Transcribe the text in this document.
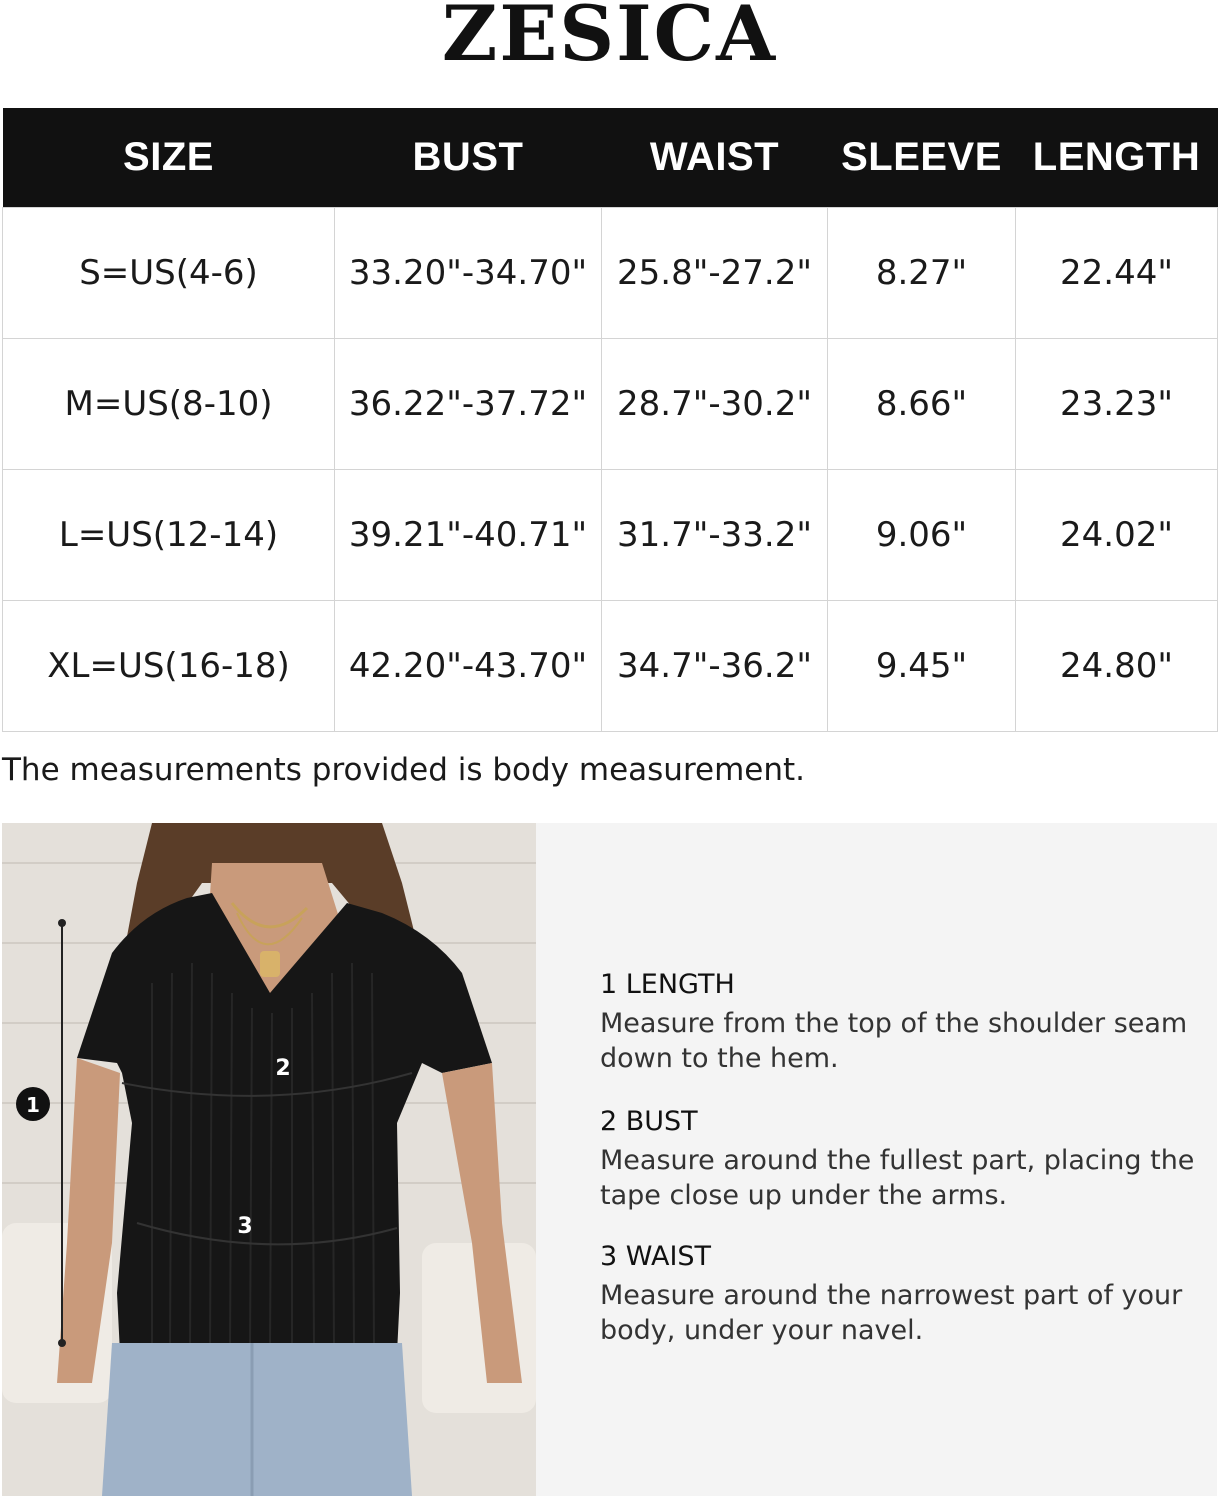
ZESICA
SIZE	BUST	WAIST	SLEEVE	LENGTH
S=US(4-6)	33.20"-34.70"	25.8"-27.2"	8.27"	22.44"
M=US(8-10)	36.22"-37.72"	28.7"-30.2"	8.66"	23.23"
L=US(12-14)	39.21"-40.71"	31.7"-33.2"	9.06"	24.02"
XL=US(16-18)	42.20"-43.70"	34.7"-36.2"	9.45"	24.80"
The measurements provided is body measurement.
1
2
3
1 LENGTH
Measure from the top of the shoulder seam down to the hem.
2 BUST
Measure around the fullest part, placing the tape close up under the arms.
3 WAIST
Measure around the narrowest part of your body, under your navel.
